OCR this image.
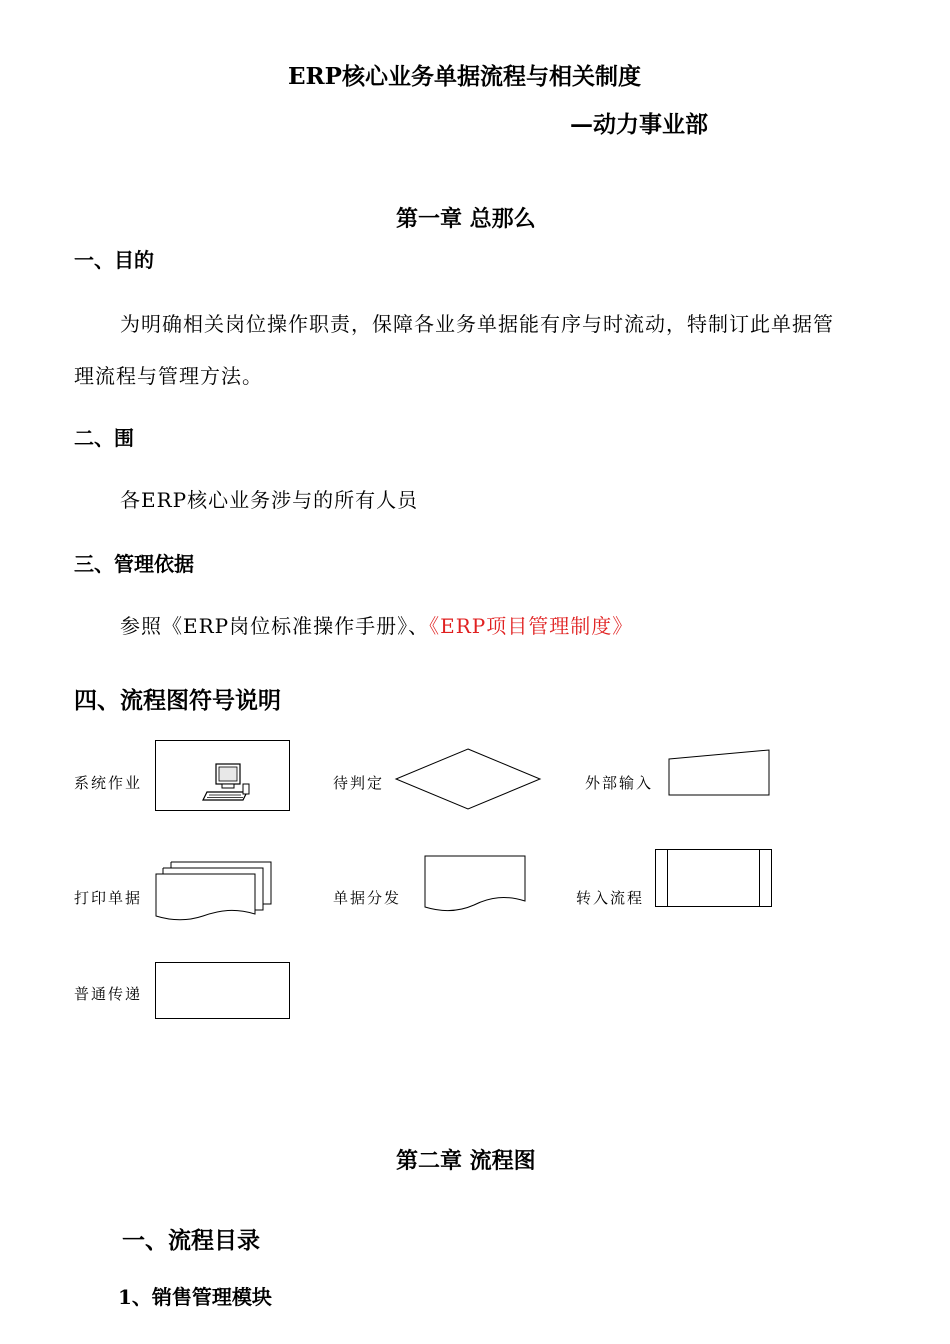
ERP核心业务单据流程与相关制度
—动力事业部
第一章 总那么
一、目的
为明确相关岗位操作职责，保障各业务单据能有序与时流动，特制订此单据管
理流程与管理方法。
二、围
各ERP核心业务涉与的所有人员
三、管理依据
参照《ERP岗位标准操作手册》、《ERP项目管理制度》
四、流程图符号说明
系统作业	待判定	外部输入
打印单据	单据分发	转入流程
普通传递
第二章 流程图
一、流程目录
1、销售管理模块
